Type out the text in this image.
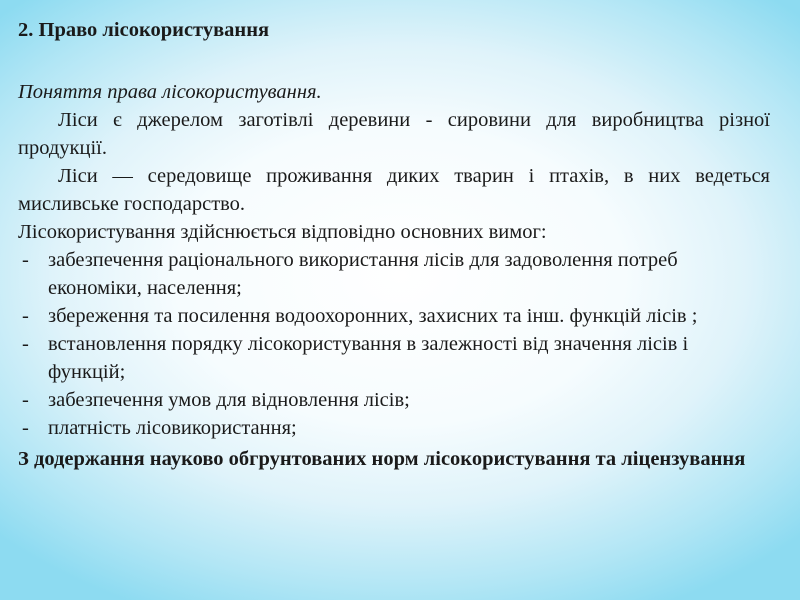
2. Право лісокористування
Поняття права лісокористування.
Ліси є джерелом заготівлі деревини - сировини для виробництва різної продукції.
Ліси — середовище проживання диких тварин і птахів, в них ведеться мисливське господарство.
Лісокористування здійснюється відповідно основних вимог:
- забезпечення раціонального використання лісів для задоволення потреб економіки, населення;
- збереження та посилення водоохоронних, захисних та інш. функцій лісів ;
- встановлення порядку лісокористування в залежності від значення лісів і функцій;
- забезпечення умов для відновлення лісів;
- платність лісовикористання;
З додержання науково обгрунтованих норм лісокористування та ліцензування
